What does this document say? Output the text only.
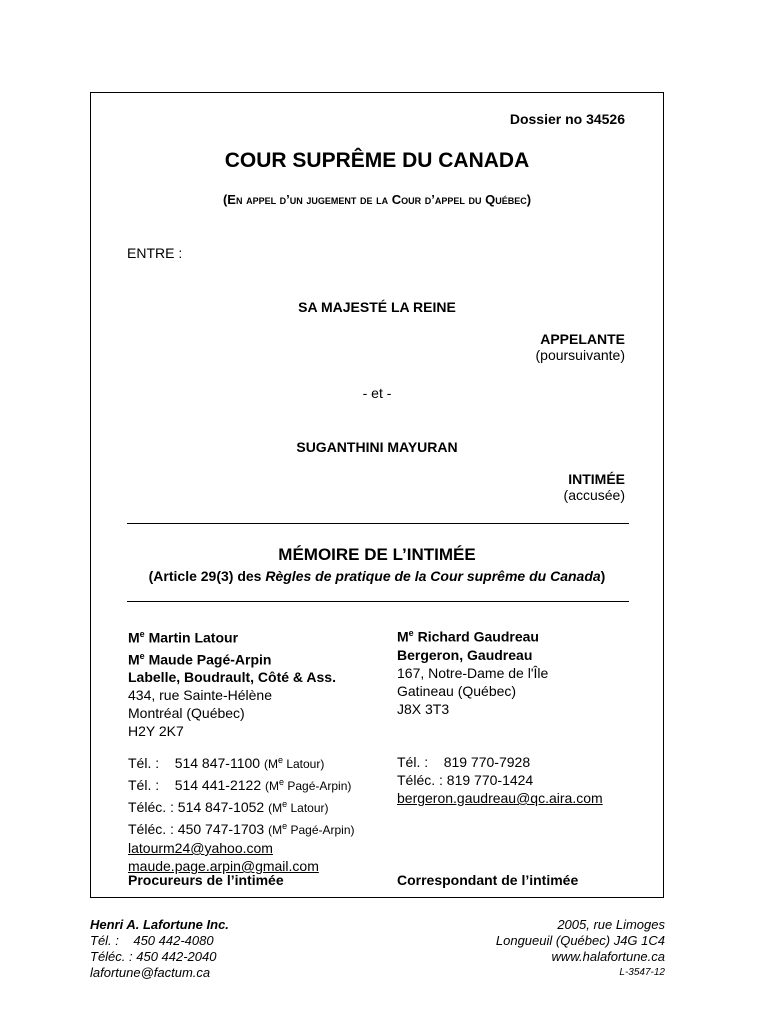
Dossier no 34526
COUR SUPRÊME DU CANADA
(En appel d’un jugement de la Cour d’appel du Québec)
ENTRE :
SA MAJESTÉ LA REINE
APPELANTE
(poursuivante)
- et -
SUGANTHINI MAYURAN
INTIMÉE
(accusée)
MÉMOIRE DE L’INTIMÉE
(Article 29(3) des Règles de pratique de la Cour suprême du Canada)
Me Martin Latour
Me Maude Pagé-Arpin
Labelle, Boudrault, Côté & Ass.
434, rue Sainte-Hélène
Montréal (Québec)
H2Y 2K7
Tél. : 514 847-1100 (Me Latour)
Tél. : 514 441-2122 (Me Pagé-Arpin)
Téléc. : 514 847-1052 (Me Latour)
Téléc. : 450 747-1703 (Me Pagé-Arpin)
latourm24@yahoo.com
maude.page.arpin@gmail.com
Procureurs de l’intimée
Me Richard Gaudreau
Bergeron, Gaudreau
167, Notre-Dame de l'Île
Gatineau (Québec)
J8X 3T3
Tél. : 819 770-7928
Téléc. : 819 770-1424
bergeron.gaudreau@qc.aira.com
Correspondant de l’intimée
Henri A. Lafortune Inc.
Tél. :    450 442-4080
Téléc. : 450 442-2040
lafortune@factum.ca
2005, rue Limoges
Longueuil (Québec) J4G 1C4
www.halafortune.ca
L-3547-12
